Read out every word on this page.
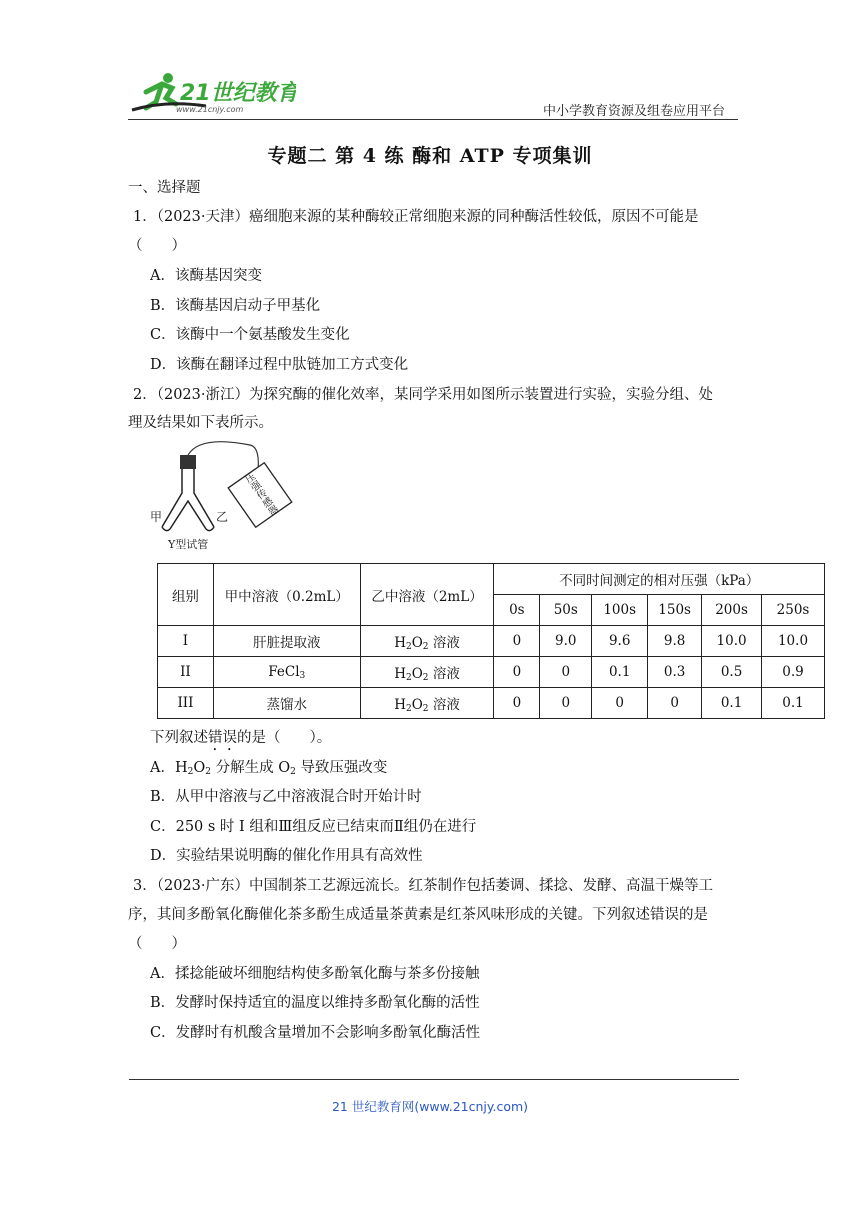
21世纪教育
www.21cnjy.com	中小学教育资源及组卷应用平台
专题二 第 4 练 酶和 ATP 专项集训
一、选择题
1．（2023·天津）癌细胞来源的某种酶较正常细胞来源的同种酶活性较低，原因不可能是
（　　）
A．该酶基因突变
B．该酶基因启动子甲基化
C．该酶中一个氨基酸发生变化
D．该酶在翻译过程中肽链加工方式变化
2．（2023·浙江）为探究酶的催化效率，某同学采用如图所示装置进行实验，实验分组、处
理及结果如下表所示。
压强传感器
甲	乙
Y型试管
组别	甲中溶液（0.2mL）	乙中溶液（2mL）	不同时间测定的相对压强（kPa）					
			0s	50s	100s	150s	200s	250s
I	肝脏提取液	$H_2O_2$ 溶液	0	9.0	9.6	9.8	10.0	10.0
II	FeCl$_3$	$H_2O_2$ 溶液	0	0	0.1	0.3	0.5	0.9
III	蒸馏水	$H_2O_2$ 溶液	0	0	0	0	0.1	0.1
下列叙述错误的是（　　）。
A．$H_2O_2$ 分解生成 $O_2$ 导致压强改变
B．从甲中溶液与乙中溶液混合时开始计时
C．250 s 时 I 组和Ⅲ组反应已结束而Ⅱ组仍在进行
D．实验结果说明酶的催化作用具有高效性
3．（2023·广东）中国制茶工艺源远流长。红茶制作包括萎调、揉捻、发酵、高温干燥等工
序，其间多酚氧化酶催化茶多酚生成适量茶黄素是红茶风味形成的关键。下列叙述错误的是
（　　）
A．揉捻能破坏细胞结构使多酚氧化酶与茶多份接触
B．发酵时保持适宜的温度以维持多酚氧化酶的活性
C．发酵时有机酸含量增加不会影响多酚氧化酶活性
21 世纪教育网(www.21cnjy.com)
